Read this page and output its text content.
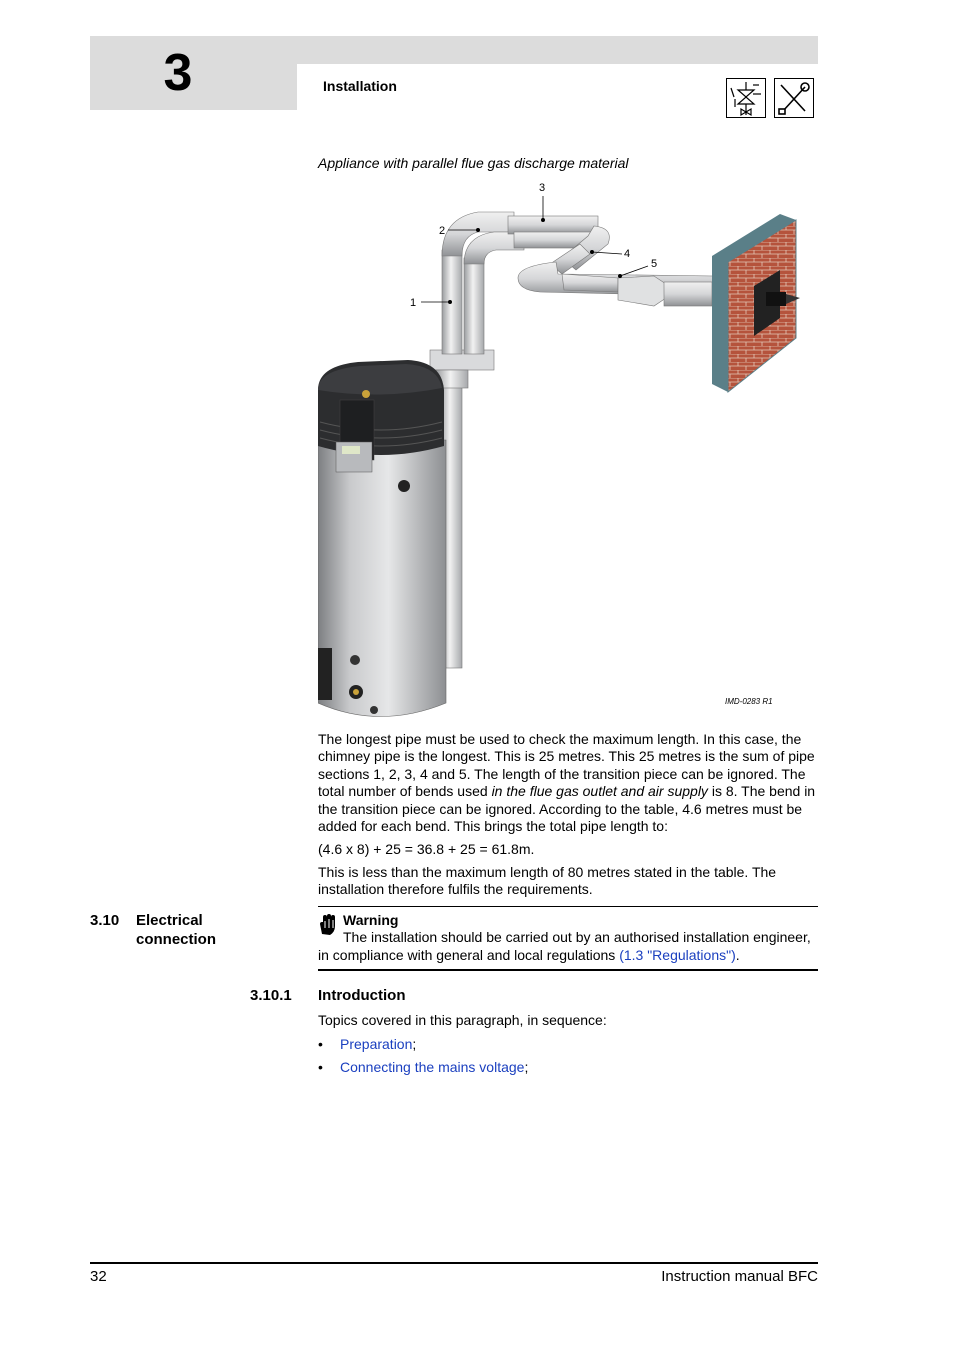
3	Installation
Appliance with parallel flue gas discharge material
1
2
3
4
5
IMD-0283 R1
The longest pipe must be used to check the maximum length. In this case, the chimney pipe is the longest. This is 25 metres. This 25 metres is the sum of pipe sections 1, 2, 3, 4 and 5. The length of the transition piece can be ignored. The total number of bends used in the flue gas outlet and air supply is 8. The bend in the transition piece can be ignored. According to the table, 4.6 metres must be added for each bend. This brings the total pipe length to:
(4.6 x 8) + 25 = 36.8 + 25 = 61.8m.
This is less than the maximum length of 80 metres stated in the table. The installation therefore fulfils the requirements.
3.10 Electrical
connection
Warning
The installation should be carried out by an authorised installation engineer,
in compliance with general and local regulations (1.3 "Regulations").
3.10.1 Introduction
Topics covered in this paragraph, in sequence:
• Preparation;
• Connecting the mains voltage;
32	Instruction manual BFC
